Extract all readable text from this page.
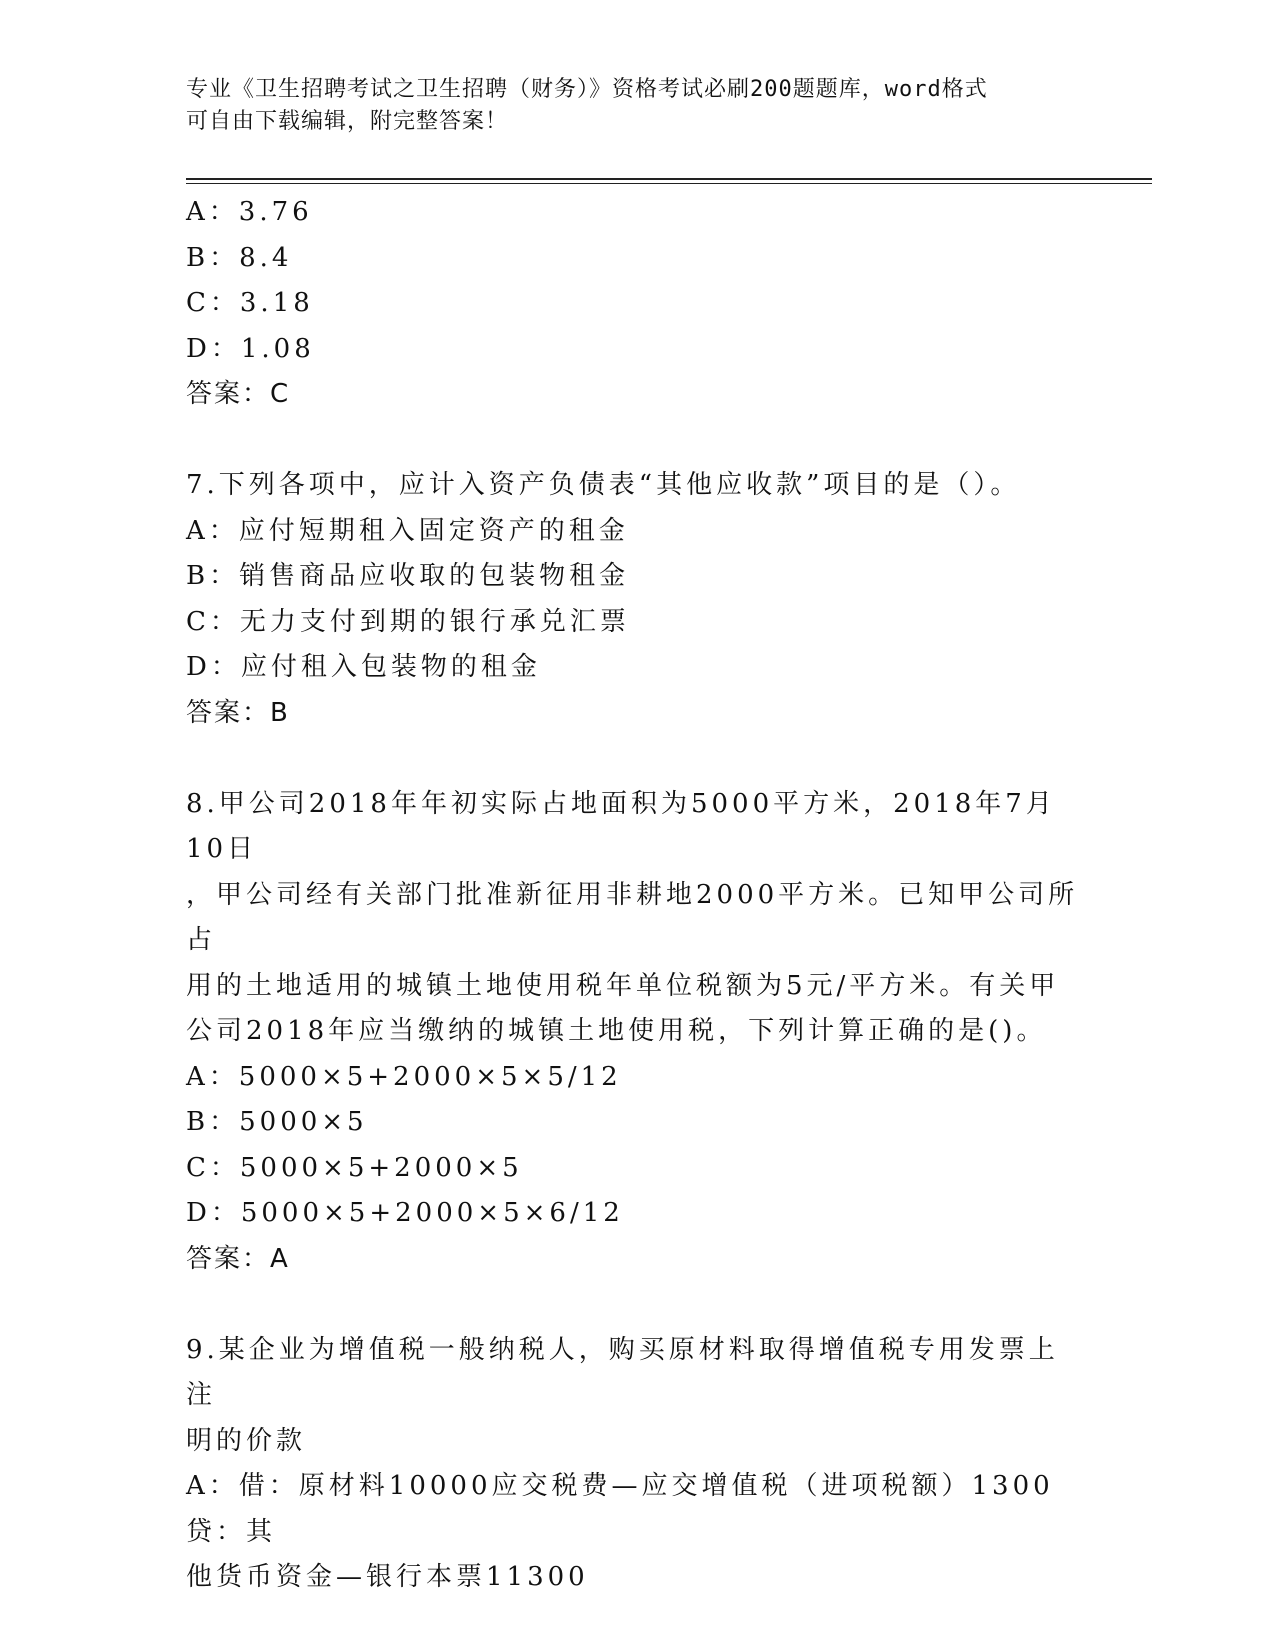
专业《卫生招聘考试之卫生招聘（财务）》资格考试必刷200题题库，word格式
可自由下载编辑，附完整答案！
A：3.76
B：8.4
C：3.18
D：1.08
答案：C
7.下列各项中，应计入资产负债表“其他应收款”项目的是（）。
A：应付短期租入固定资产的租金
B：销售商品应收取的包装物租金
C：无力支付到期的银行承兑汇票
D：应付租入包装物的租金
答案：B
8.甲公司2018年年初实际占地面积为5000平方米，2018年7月10日
，甲公司经有关部门批准新征用非耕地2000平方米。已知甲公司所占
用的土地适用的城镇土地使用税年单位税额为5元/平方米。有关甲
公司2018年应当缴纳的城镇土地使用税，下列计算正确的是()。
A：5000×5+2000×5×5/12
B：5000×5
C：5000×5+2000×5
D：5000×5+2000×5×6/12
答案：A
9.某企业为增值税一般纳税人，购买原材料取得增值税专用发票上注
明的价款
A：借：原材料10000应交税费—应交增值税（进项税额）1300贷：其
他货币资金—银行本票11300
